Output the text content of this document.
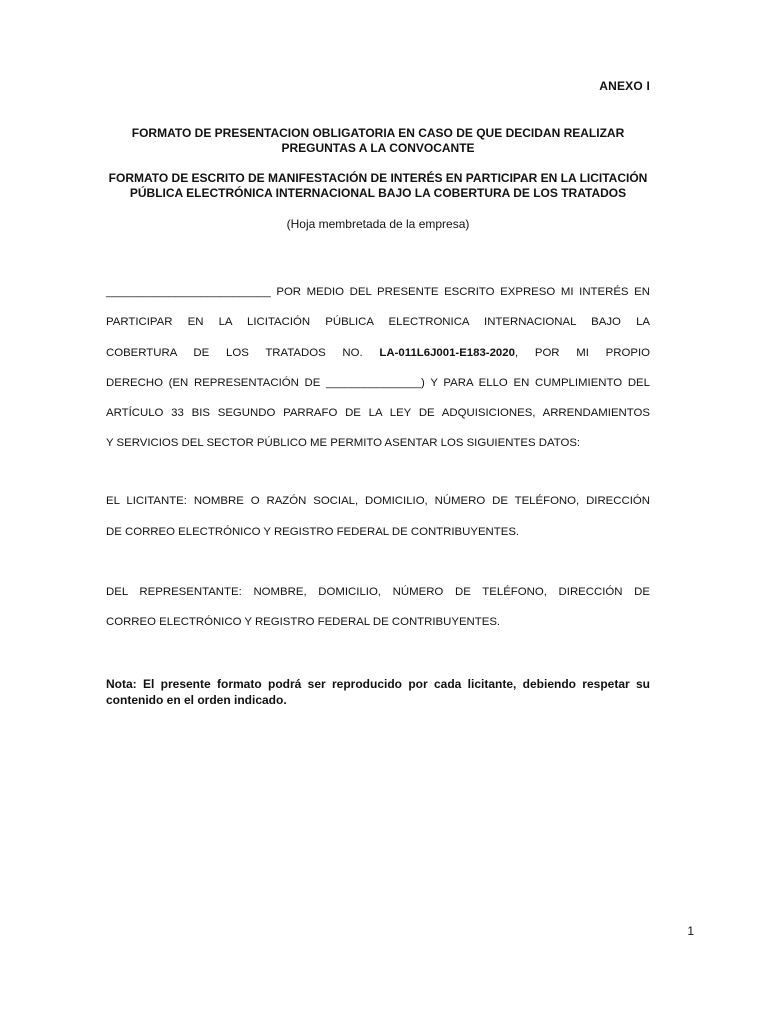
ANEXO I
FORMATO DE PRESENTACION OBLIGATORIA EN CASO DE QUE DECIDAN REALIZAR PREGUNTAS A LA CONVOCANTE
FORMATO DE ESCRITO DE MANIFESTACIÓN DE INTERÉS EN PARTICIPAR EN LA LICITACIÓN PÚBLICA ELECTRÓNICA INTERNACIONAL BAJO LA COBERTURA DE LOS TRATADOS
(Hoja membretada de la empresa)
__________________________ POR MEDIO DEL PRESENTE ESCRITO EXPRESO MI INTERÉS EN
PARTICIPAR EN LA LICITACIÓN PÚBLICA ELECTRONICA INTERNACIONAL BAJO LA
COBERTURA DE LOS TRATADOS NO. LA-011L6J001-E183-2020, POR MI PROPIO
DERECHO (EN REPRESENTACIÓN DE _______________) Y PARA ELLO EN CUMPLIMIENTO DEL
ARTÍCULO 33 BIS SEGUNDO PARRAFO DE LA LEY DE ADQUISICIONES, ARRENDAMIENTOS
Y SERVICIOS DEL SECTOR PÚBLICO ME PERMITO ASENTAR LOS SIGUIENTES DATOS:
EL LICITANTE: NOMBRE O RAZÓN SOCIAL, DOMICILIO, NÚMERO DE TELÉFONO, DIRECCIÓN
DE CORREO ELECTRÓNICO Y REGISTRO FEDERAL DE CONTRIBUYENTES.
DEL REPRESENTANTE: NOMBRE, DOMICILIO, NÚMERO DE TELÉFONO, DIRECCIÓN DE
CORREO ELECTRÓNICO Y REGISTRO FEDERAL DE CONTRIBUYENTES.
Nota: El presente formato podrá ser reproducido por cada licitante, debiendo respetar su contenido en el orden indicado.
1
